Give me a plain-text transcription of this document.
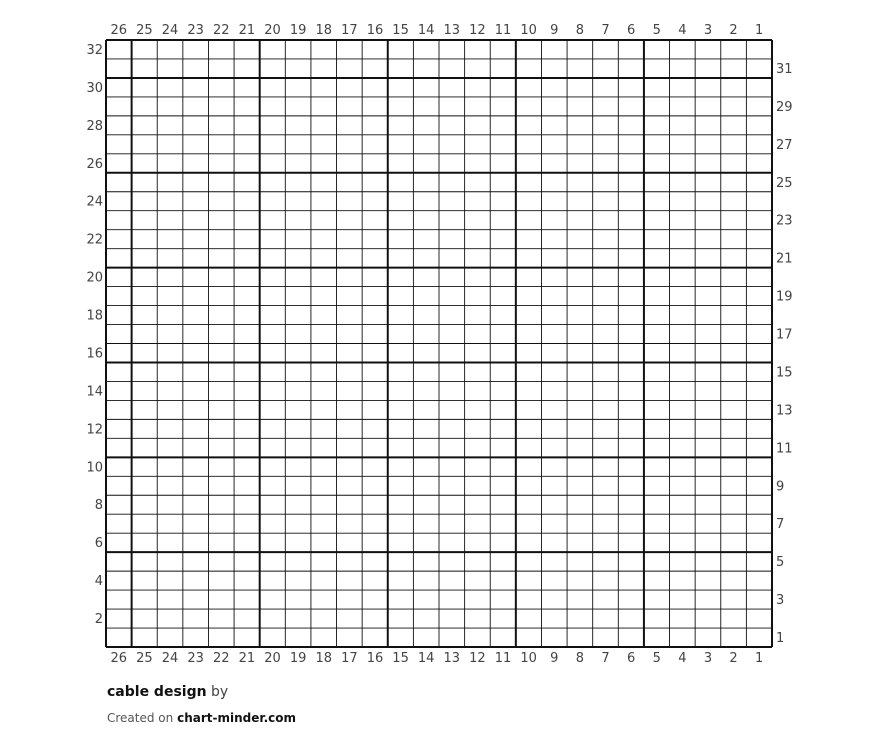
26
26
25
25
24
24
23
23
22
22
21
21
20
20
19
19
18
18
17
17
16
16
15
15
14
14
13
13
12
12
11
11
10
10
9
9
8
8
7
7
6
6
5
5
4
4
3
3
2
2
1
1
32
31
30
29
28
27
26
25
24
23
22
21
20
19
18
17
16
15
14
13
12
11
10
9
8
7
6
5
4
3
2
1
cable design by
Created on chart-minder.com
